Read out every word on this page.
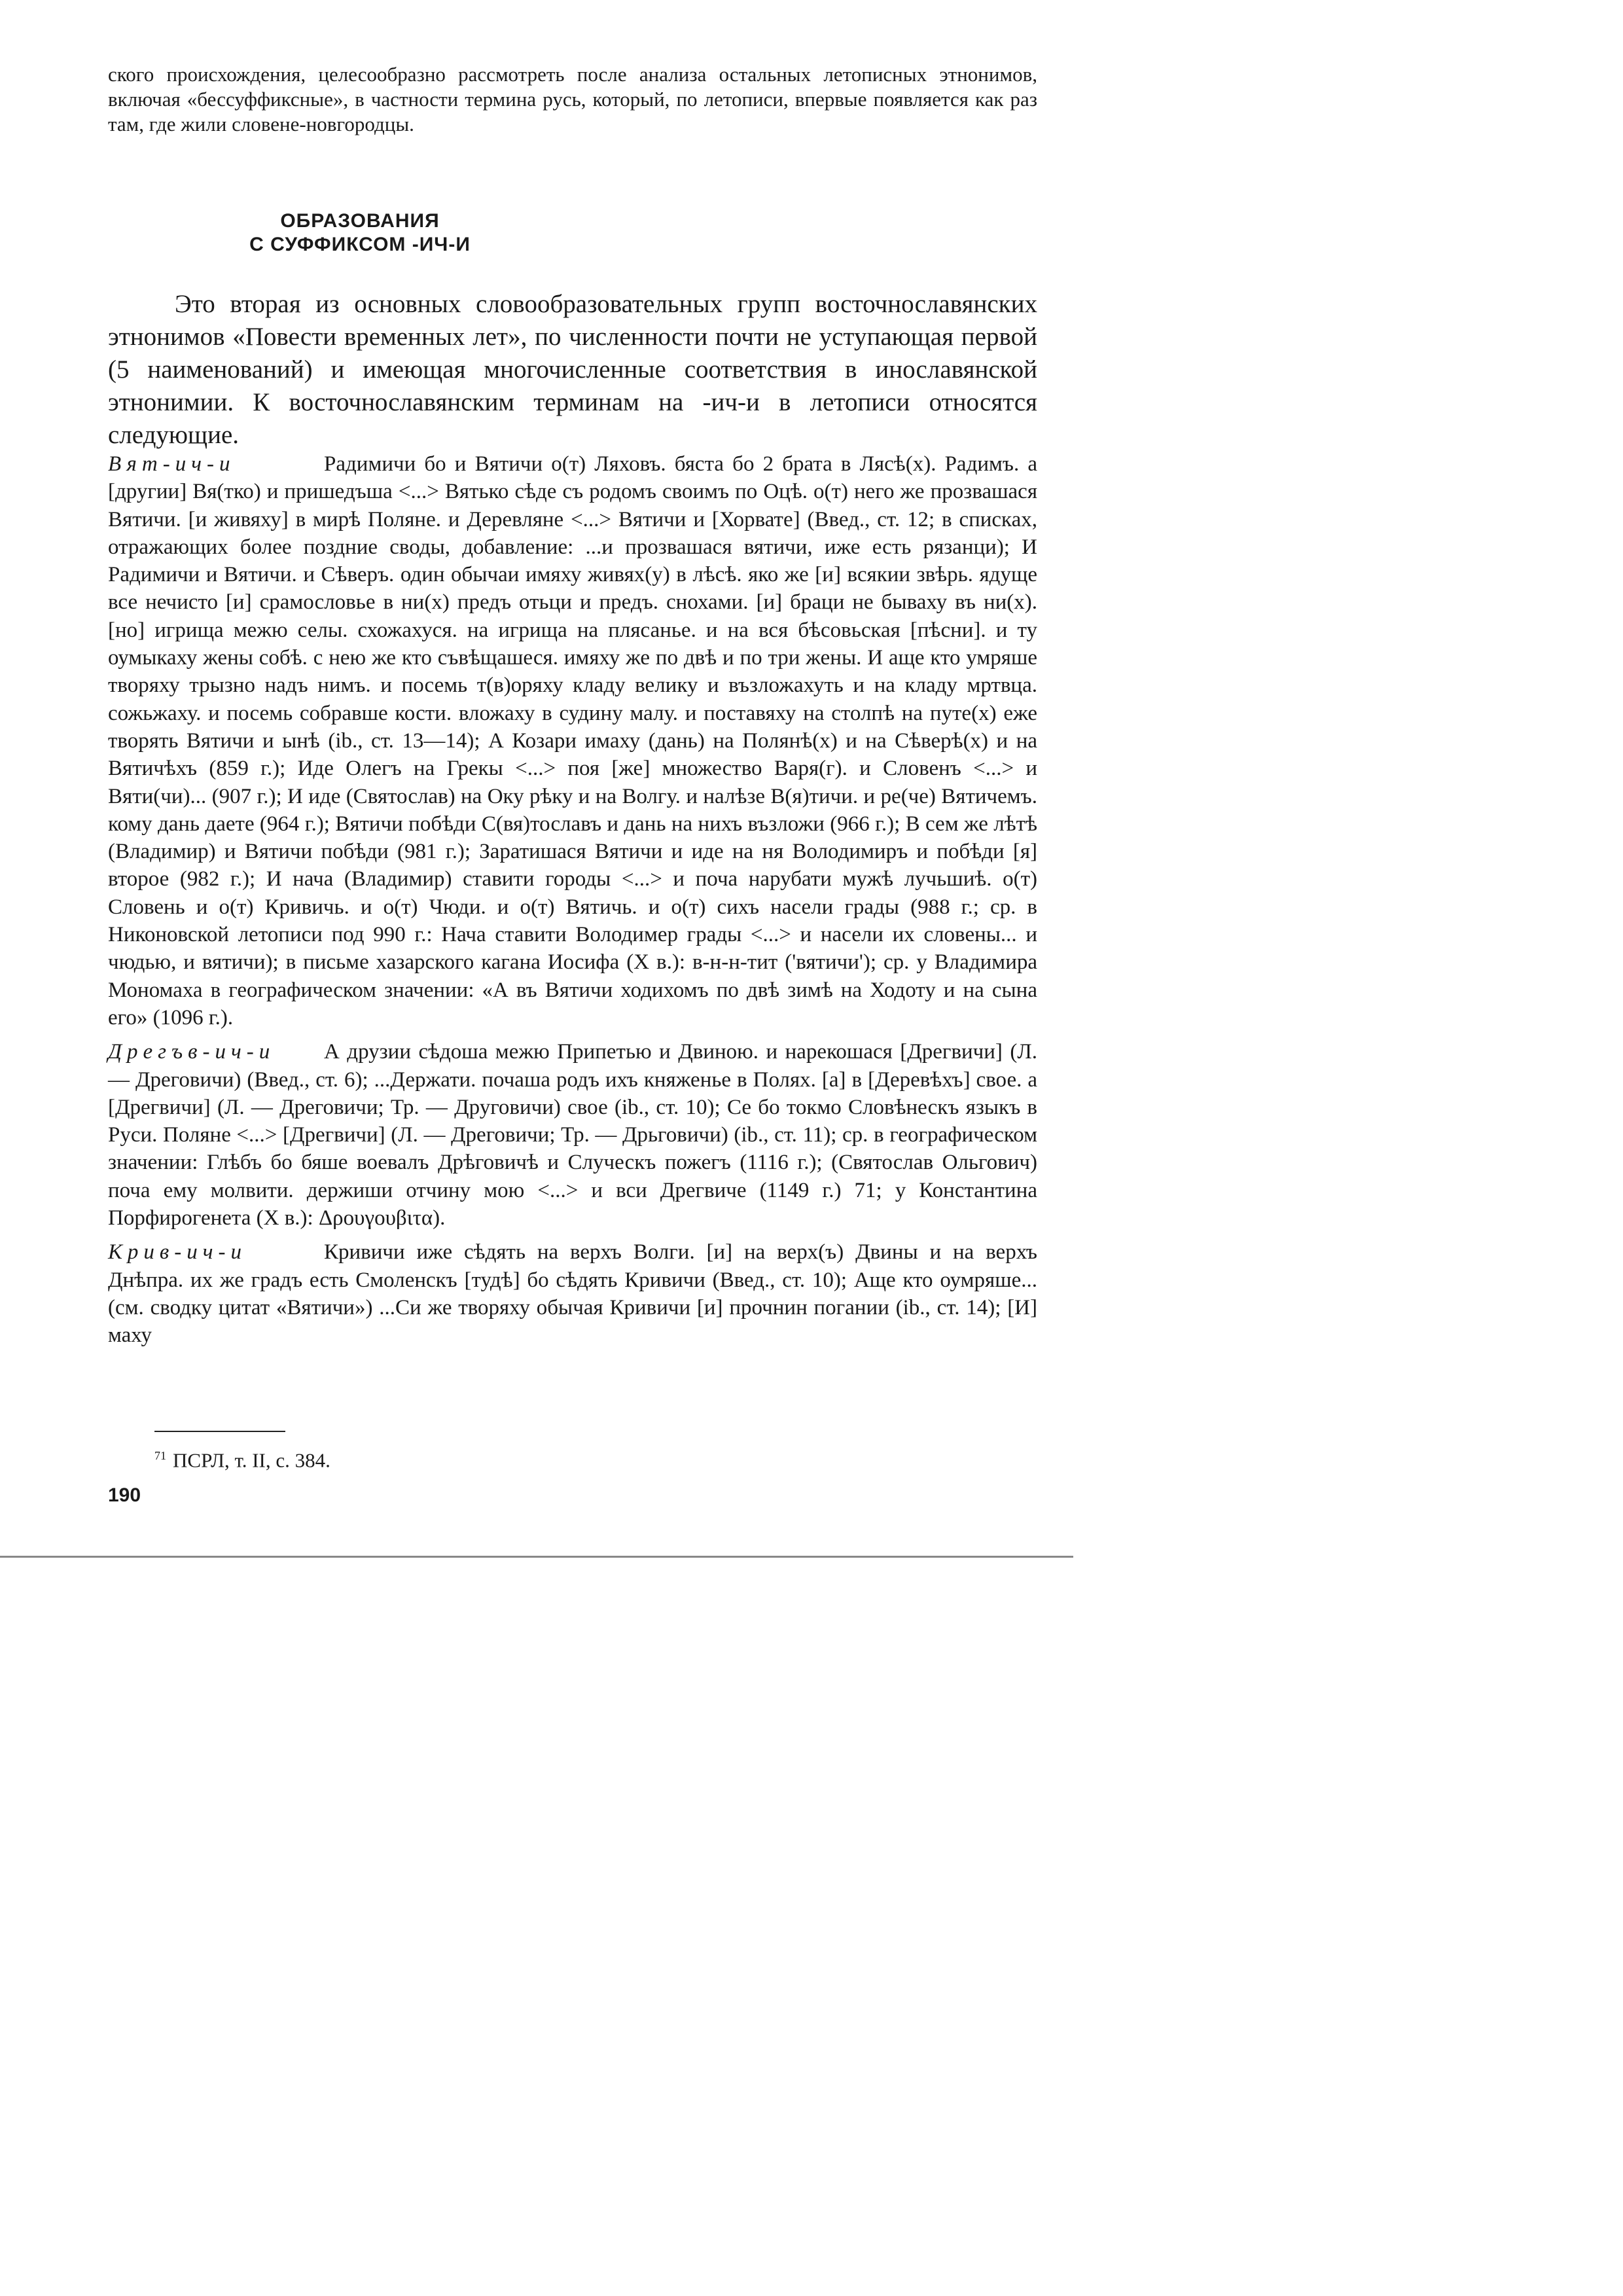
ского происхождения, целесообразно рассмотреть после анализа остальных летописных этнонимов, включая «бессуффиксные», в частности термина русь, который, по летописи, впервые появляется как раз там, где жили словене-новгородцы.
ОБРАЗОВАНИЯ
С СУФФИКСОМ -ИЧ-И
Это вторая из основных словообразовательных групп восточнославянских этнонимов «Повести временных лет», по численности почти не уступающая первой (5 наименований) и имеющая многочисленные соответствия в инославянской этнонимии. К восточнославянским терминам на -ич-и в летописи относятся следующие.
Вят-ич-и	Радимичи бо и Вятичи о(т) Ляховъ. бяста бо 2 брата в Лясѣ(х). Радимъ. а [другии] Вя(тко) и пришедъша <...> Вятько сѣде съ родомъ своимъ по Оцѣ. о(т) него же прозвашася Вятичи. [и живяху] в мирѣ Поляне. и Деревляне <...> Вятичи и [Хорвате] (Введ., ст. 12; в списках, отражающих более поздние своды, добавление: ...и прозвашася вятичи, иже есть рязанци); И Радимичи и Вятичи. и Сѣверъ. один обычаи имяху живях(у) в лѣсѣ. яко же [и] всякии звѣрь. ядуще все нечисто [и] срамословье в ни(х) предъ отьци и предъ. снохами. [и] браци не бываху въ ни(х). [но] игрища межю селы. схожахуся. на игрища на плясанье. и на вся бѣсовьская [пѣсни]. и ту оумыкаху жены собѣ. с нею же кто съвѣщашеся. имяху же по двѣ и по три жены. И аще кто умряше творяху трызно надъ нимъ. и посемь т(в)оряху кладу велику и възложахуть и на кладу мртвца. сожьжаху. и посемь собравше кости. вложаху в судину малу. и поставяху на столпѣ на путе(х) еже творять Вятичи и ынѣ (ib., ст. 13—14); А Козари имаху (дань) на Полянѣ(х) и на Сѣверѣ(х) и на Вятичѣхъ (859 г.); Иде Олегъ на Грекы <...> поя [же] множество Варя(г). и Словенъ <...> и Вяти(чи)... (907 г.); И иде (Святослав) на Оку рѣку и на Волгу. и налѣзе В(я)тичи. и ре(че) Вятичемъ. кому дань даете (964 г.); Вятичи побѣди С(вя)тославъ и дань на нихъ възложи (966 г.); В сем же лѣтѣ (Владимир) и Вятичи побѣди (981 г.); Заратишася Вятичи и иде на ня Володимиръ и побѣди [я] второе (982 г.); И нача (Владимир) ставити городы <...> и поча нарубати мужѣ лучьшиѣ. о(т) Словень и о(т) Кривичь. и о(т) Чюди. и о(т) Вятичь. и о(т) сихъ насели грады (988 г.; ср. в Никоновской летописи под 990 г.: Нача ставити Володимер грады <...> и насели их словены... и чюдью, и вятичи); в письме хазарского кагана Иосифа (X в.): в-н-н-тит ('вятичи'); ср. у Владимира Мономаха в географическом значении: «А въ Вятичи ходихомъ по двѣ зимѣ на Ходоту и на сына его» (1096 г.).
Дрегъв-ич-и А друзии сѣдоша межю Припетью и Двиною. и нарекошася [Дрегвичи] (Л. — Дреговичи) (Введ., ст. 6); ...Держати. почаша родъ ихъ княженье в Полях. [а] в [Деревѣхъ] свое. а [Дрегвичи] (Л. — Дреговичи; Тр. — Друговичи) свое (ib., ст. 10); Се бо токмо Словѣнескъ языкъ в Руси. Поляне <...> [Дрегвичи] (Л. — Дреговичи; Тр. — Дрьговичи) (ib., ст. 11); ср. в географическом значении: Глѣбъ бо бяше воевалъ Дрѣговичѣ и Случескъ пожегъ (1116 г.); (Святослав Ольгович) поча ему молвити. держиши отчину мою <...> и вси Дрегвиче (1149 г.) 71; у Константина Порфирогенета (X в.): Δρουγουβιτα).
Крив-ич-и	Кривичи иже сѣдять на верхъ Волги. [и] на верх(ъ) Двины и на верхъ Днѣпра. их же градъ есть Смоленскъ [тудѣ] бо сѣдять Кривичи (Введ., ст. 10); Аще кто оумряше... (см. сводку цитат «Вятичи») ...Си же творяху обычая Кривичи [и] прочнин погании (ib., ст. 14); [И] маху
$^{71}$ ПСРЛ, т. II, с. 384.
190
